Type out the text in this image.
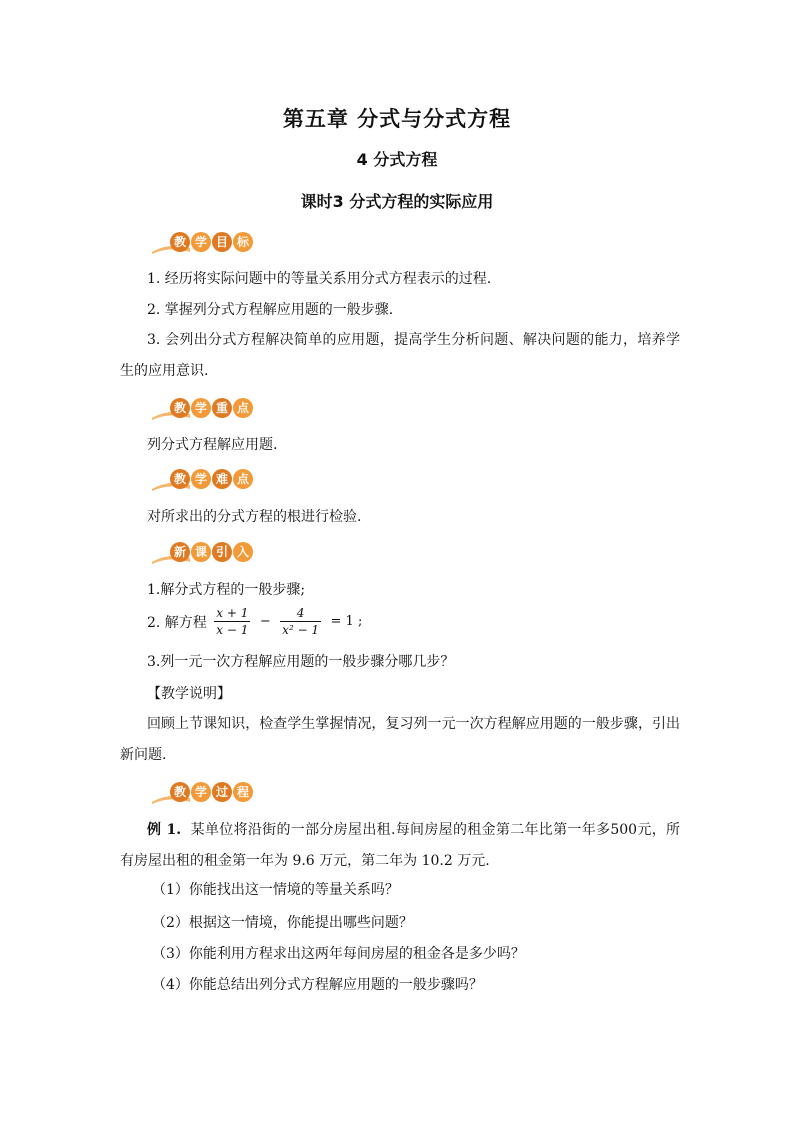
第五章 分式与分式方程
4 分式方程
课时3 分式方程的实际应用
教 学 目 标
1. 经历将实际问题中的等量关系用分式方程表示的过程.
2. 掌握列分式方程解应用题的一般步骤.
3. 会列出分式方程解决简单的应用题，提高学生分析问题、解决问题的能力，培养学生的应用意识.
教 学 重 点
列分式方程解应用题.
教 学 难 点
对所求出的分式方程的根进行检验.
新 课 引 入
1.解分式方程的一般步骤;
2. 解方程 $\frac{x + 1}{x - 1} - \frac{4}{\text{x² − 1}} = 1$ ;
3.列一元一次方程解应用题的一般步骤分哪几步？
【教学说明】
回顾上节课知识，检查学生掌握情况，复习列一元一次方程解应用题的一般步骤，引出新问题.
教 学 过 程
例 1. 某单位将沿街的一部分房屋出租.每间房屋的租金第二年比第一年多500元，所有房屋出租的租金第一年为 9.6 万元，第二年为 10.2 万元.
（1）你能找出这一情境的等量关系吗？
（2）根据这一情境，你能提出哪些问题？
（3）你能利用方程求出这两年每间房屋的租金各是多少吗？
（4）你能总结出列分式方程解应用题的一般步骤吗？
